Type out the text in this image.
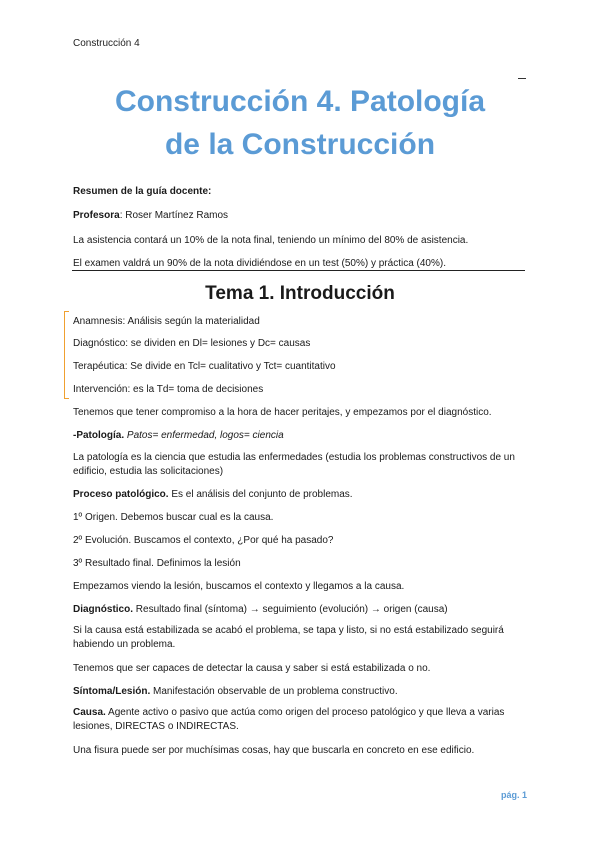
Construcción 4
Construcción 4. Patología
de la Construcción
Resumen de la guía docente:
Profesora: Roser Martínez Ramos
La asistencia contará un 10% de la nota final, teniendo un mínimo del 80% de asistencia.
El examen valdrá un 90% de la nota dividiéndose en un test (50%) y práctica (40%).
Tema 1. Introducción
Anamnesis: Análisis según la materialidad
Diagnóstico: se dividen en Dl= lesiones y Dc= causas
Terapéutica: Se divide en Tcl= cualitativo y Tct= cuantitativo
Intervención: es la Td= toma de decisiones
Tenemos que tener compromiso a la hora de hacer peritajes, y empezamos por el diagnóstico.
-Patología. Patos= enfermedad, logos= ciencia
La patología es la ciencia que estudia las enfermedades (estudia los problemas constructivos de un edificio, estudia las solicitaciones)
Proceso patológico. Es el análisis del conjunto de problemas.
1º Origen. Debemos buscar cual es la causa.
2º Evolución. Buscamos el contexto, ¿Por qué ha pasado?
3º Resultado final. Definimos la lesión
Empezamos viendo la lesión, buscamos el contexto y llegamos a la causa.
Diagnóstico. Resultado final (síntoma) → seguimiento (evolución) → origen (causa)
Si la causa está estabilizada se acabó el problema, se tapa y listo, si no está estabilizado seguirá habiendo un problema.
Tenemos que ser capaces de detectar la causa y saber si está estabilizada o no.
Síntoma/Lesión. Manifestación observable de un problema constructivo.
Causa. Agente activo o pasivo que actúa como origen del proceso patológico y que lleva a varias lesiones, DIRECTAS o INDIRECTAS.
Una fisura puede ser por muchísimas cosas, hay que buscarla en concreto en ese edificio.
pág. 1
